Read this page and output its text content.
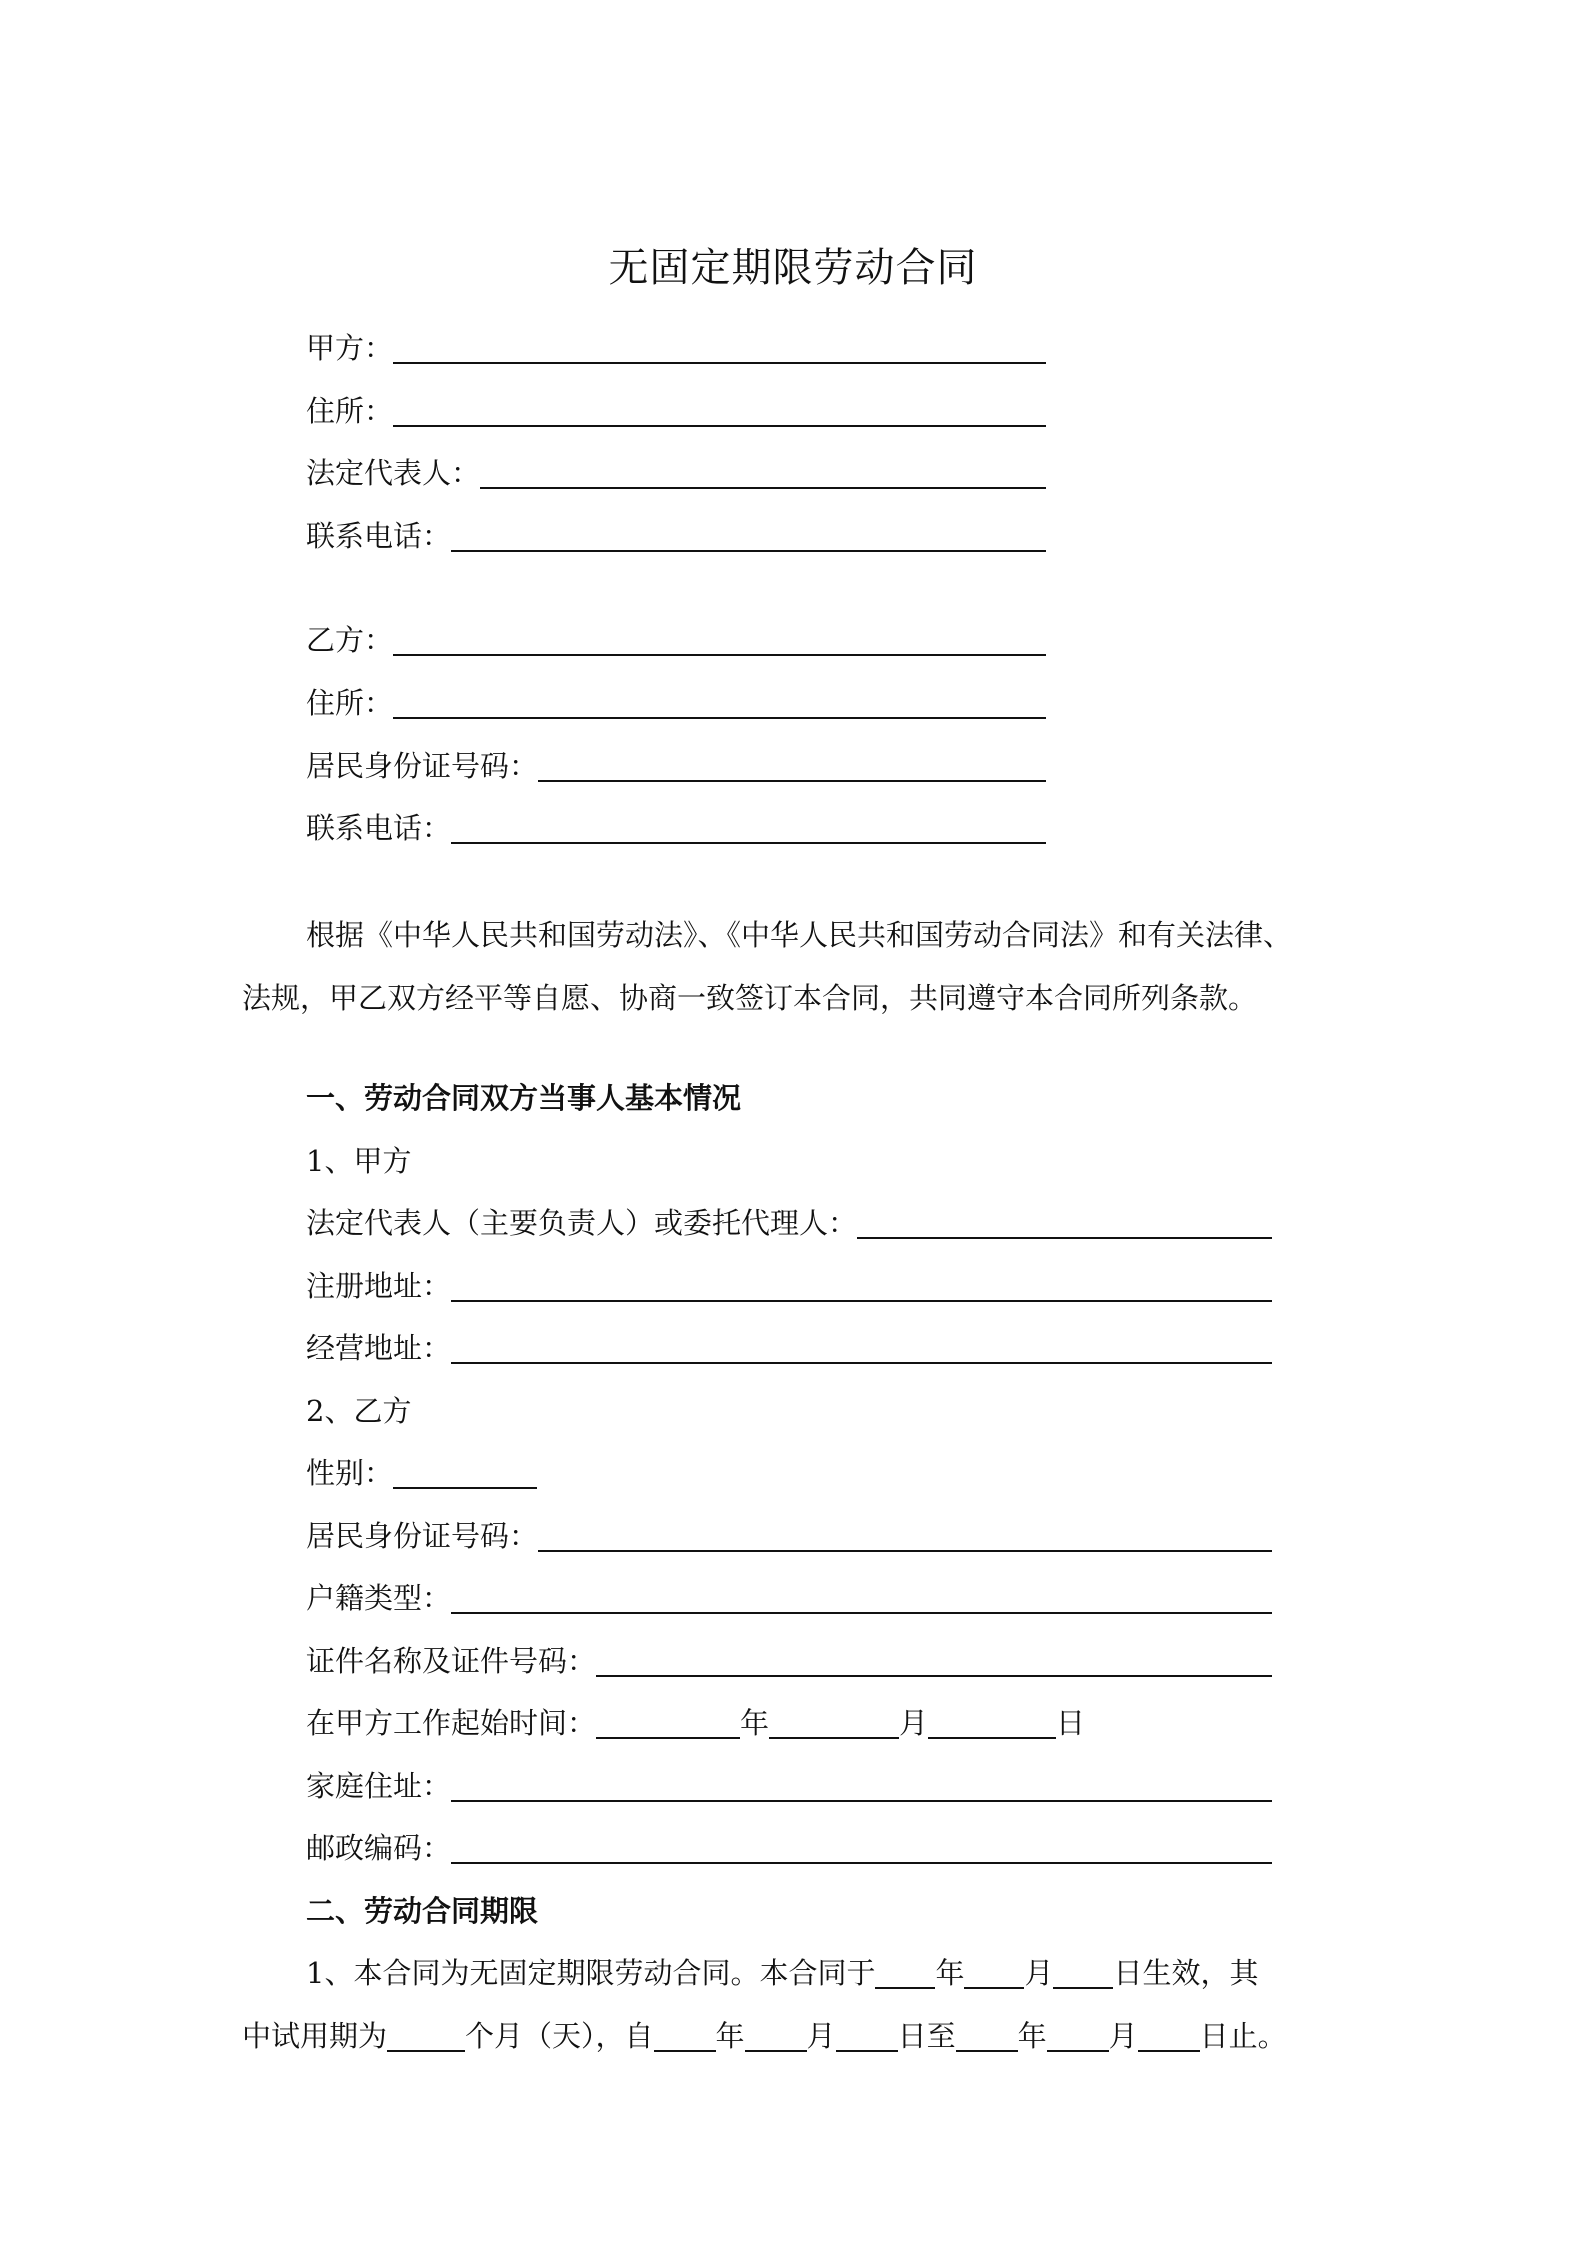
无固定期限劳动合同
甲方：
住所：
法定代表人：
联系电话：
乙方：
住所：
居民身份证号码：
联系电话：
根据《中华人民共和国劳动法》、《中华人民共和国劳动合同法》和有关法律、
法规，甲乙双方经平等自愿、协商一致签订本合同，共同遵守本合同所列条款。
一、劳动合同双方当事人基本情况
1、甲方
法定代表人（主要负责人）或委托代理人：
注册地址：
经营地址：
2、乙方
性别：
居民身份证号码：
户籍类型：
证件名称及证件号码：
在甲方工作起始时间：	年	月	日
家庭住址：
邮政编码：
二、劳动合同期限
1、本合同为无固定期限劳动合同。本合同于 年 月 日生效，其
中试用期为	个月（天），自 年 月 日至 年 月 日止。
